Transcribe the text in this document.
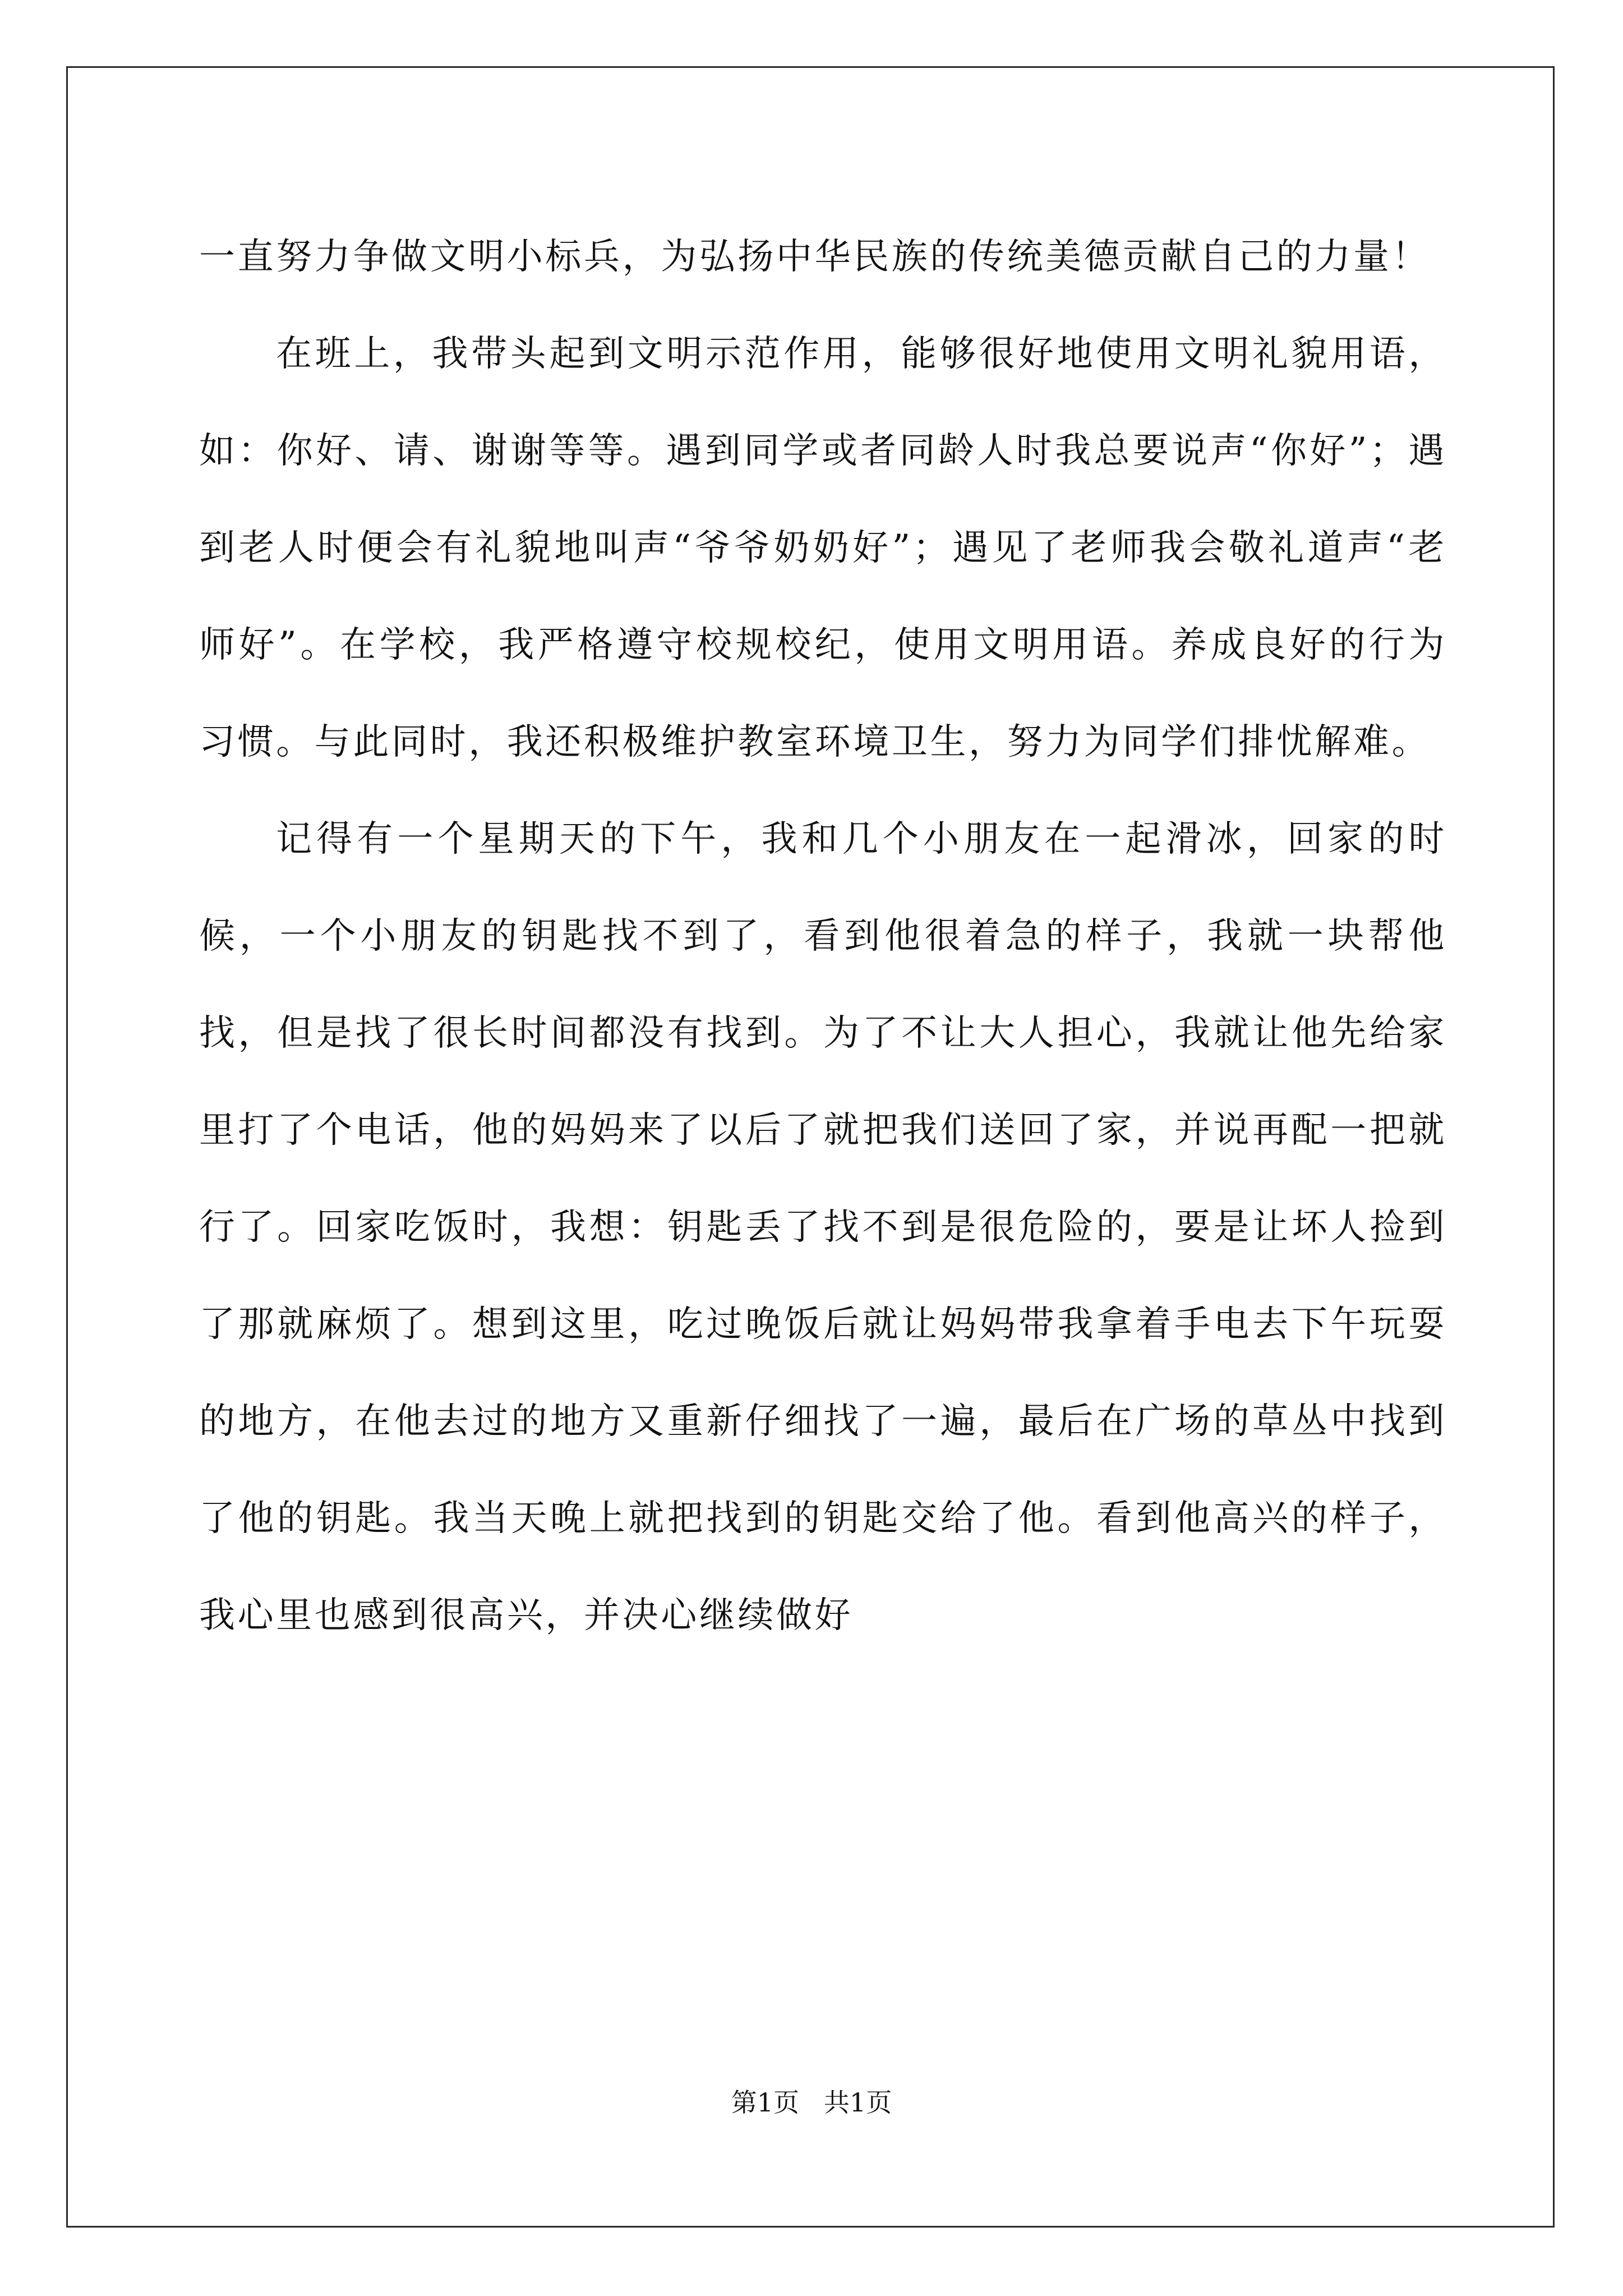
一直努力争做文明小标兵，为弘扬中华民族的传统美德贡献自己的力量！

在班上，我带头起到文明示范作用，能够很好地使用文明礼貌用语，如：你好、请、谢谢等等。遇到同学或者同龄人时我总要说声“你好”；遇到老人时便会有礼貌地叫声“爷爷奶奶好”；遇见了老师我会敬礼道声“老师好”。在学校，我严格遵守校规校纪，使用文明用语。养成良好的行为习惯。与此同时，我还积极维护教室环境卫生，努力为同学们排忧解难。

记得有一个星期天的下午，我和几个小朋友在一起滑冰，回家的时候，一个小朋友的钥匙找不到了，看到他很着急的样子，我就一块帮他找，但是找了很长时间都没有找到。为了不让大人担心，我就让他先给家里打了个电话，他的妈妈来了以后了就把我们送回了家，并说再配一把就行了。回家吃饭时，我想：钥匙丢了找不到是很危险的，要是让坏人捡到了那就麻烦了。想到这里，吃过晚饭后就让妈妈带我拿着手电去下午玩耍的地方，在他去过的地方又重新仔细找了一遍，最后在广场的草丛中找到了他的钥匙。我当天晚上就把找到的钥匙交给了他。看到他高兴的样子，我心里也感到很高兴，并决心继续做好

第1页   共1页
